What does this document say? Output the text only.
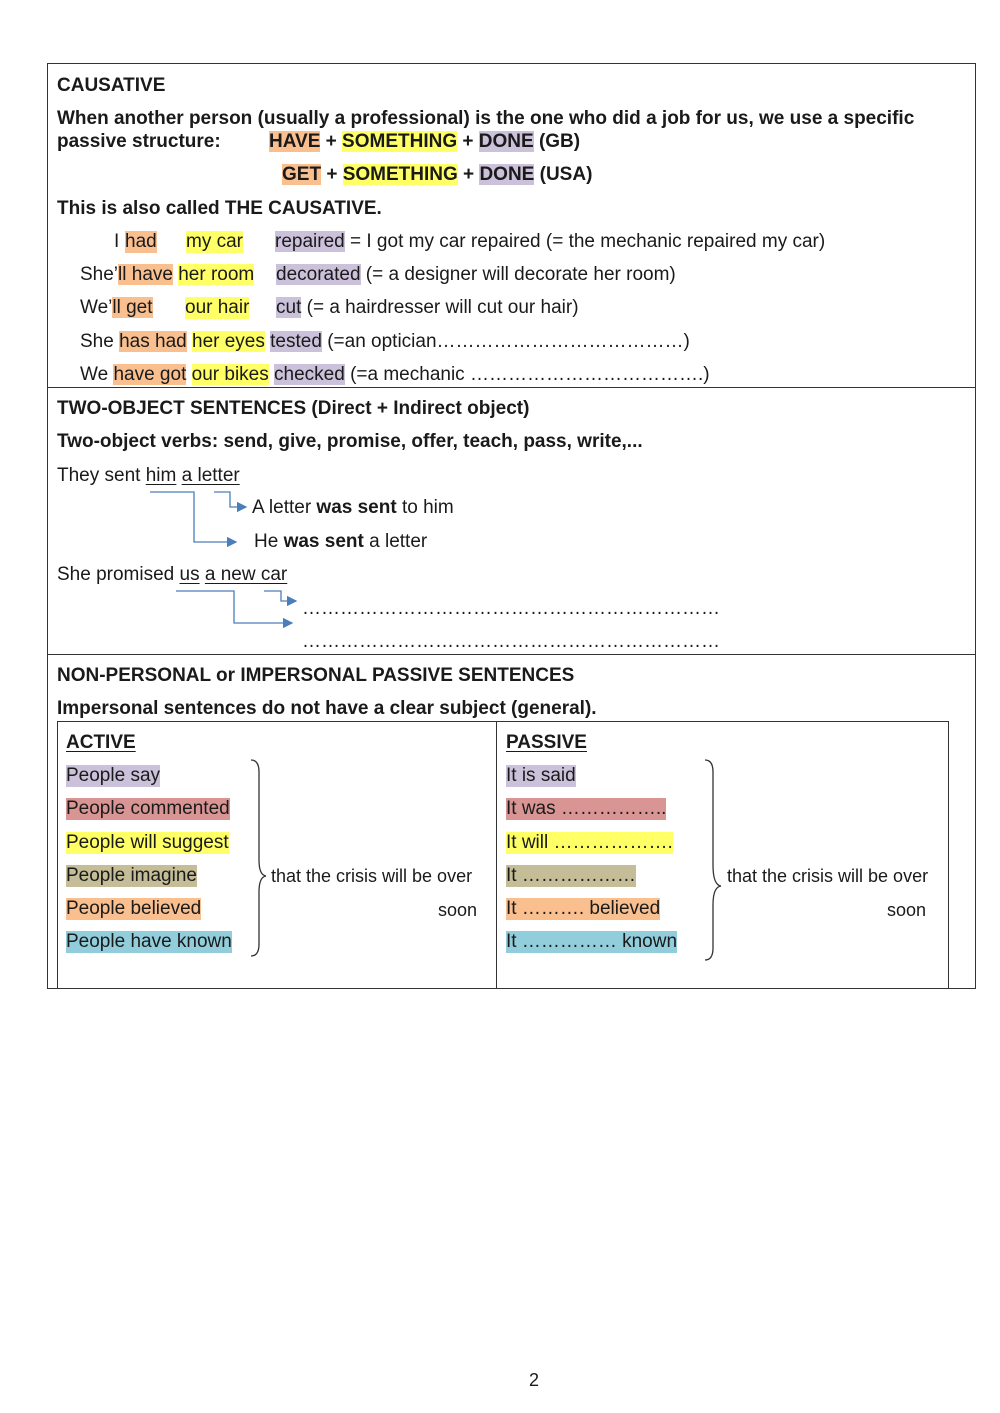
CAUSATIVE
When another person (usually a professional) is the one who did a job for us, we use a specific
passive structure:	HAVE + SOMETHING + DONE (GB)
GET + SOMETHING + DONE (USA)
This is also called THE CAUSATIVE.
I had my car repaired = I got my car repaired (= the mechanic repaired my car)
She’ll have her room decorated (= a designer will decorate her room)
We’ll get our hair cut (= a hairdresser will cut our hair)
She has had her eyes tested (=an optician…………………………………)
We have got our bikes checked (=a mechanic ……………………………….)
TWO-OBJECT SENTENCES (Direct + Indirect object)
Two-object verbs: send, give, promise, offer, teach, pass, write,...
They sent him a letter
A letter was sent to him
He was sent a letter
She promised us a new car
…………………………………………………………
…………………………………………………………
NON-PERSONAL or IMPERSONAL PASSIVE SENTENCES
Impersonal sentences do not have a clear subject (general).
ACTIVE	PASSIVE
People say
People commented
People will suggest
People imagine
People believed
People have known
It is said
It was ……………..
It will ……………….
It ………………
It ………. believed
It …………… known
that the crisis will be over
soon
that the crisis will be over
soon
2
